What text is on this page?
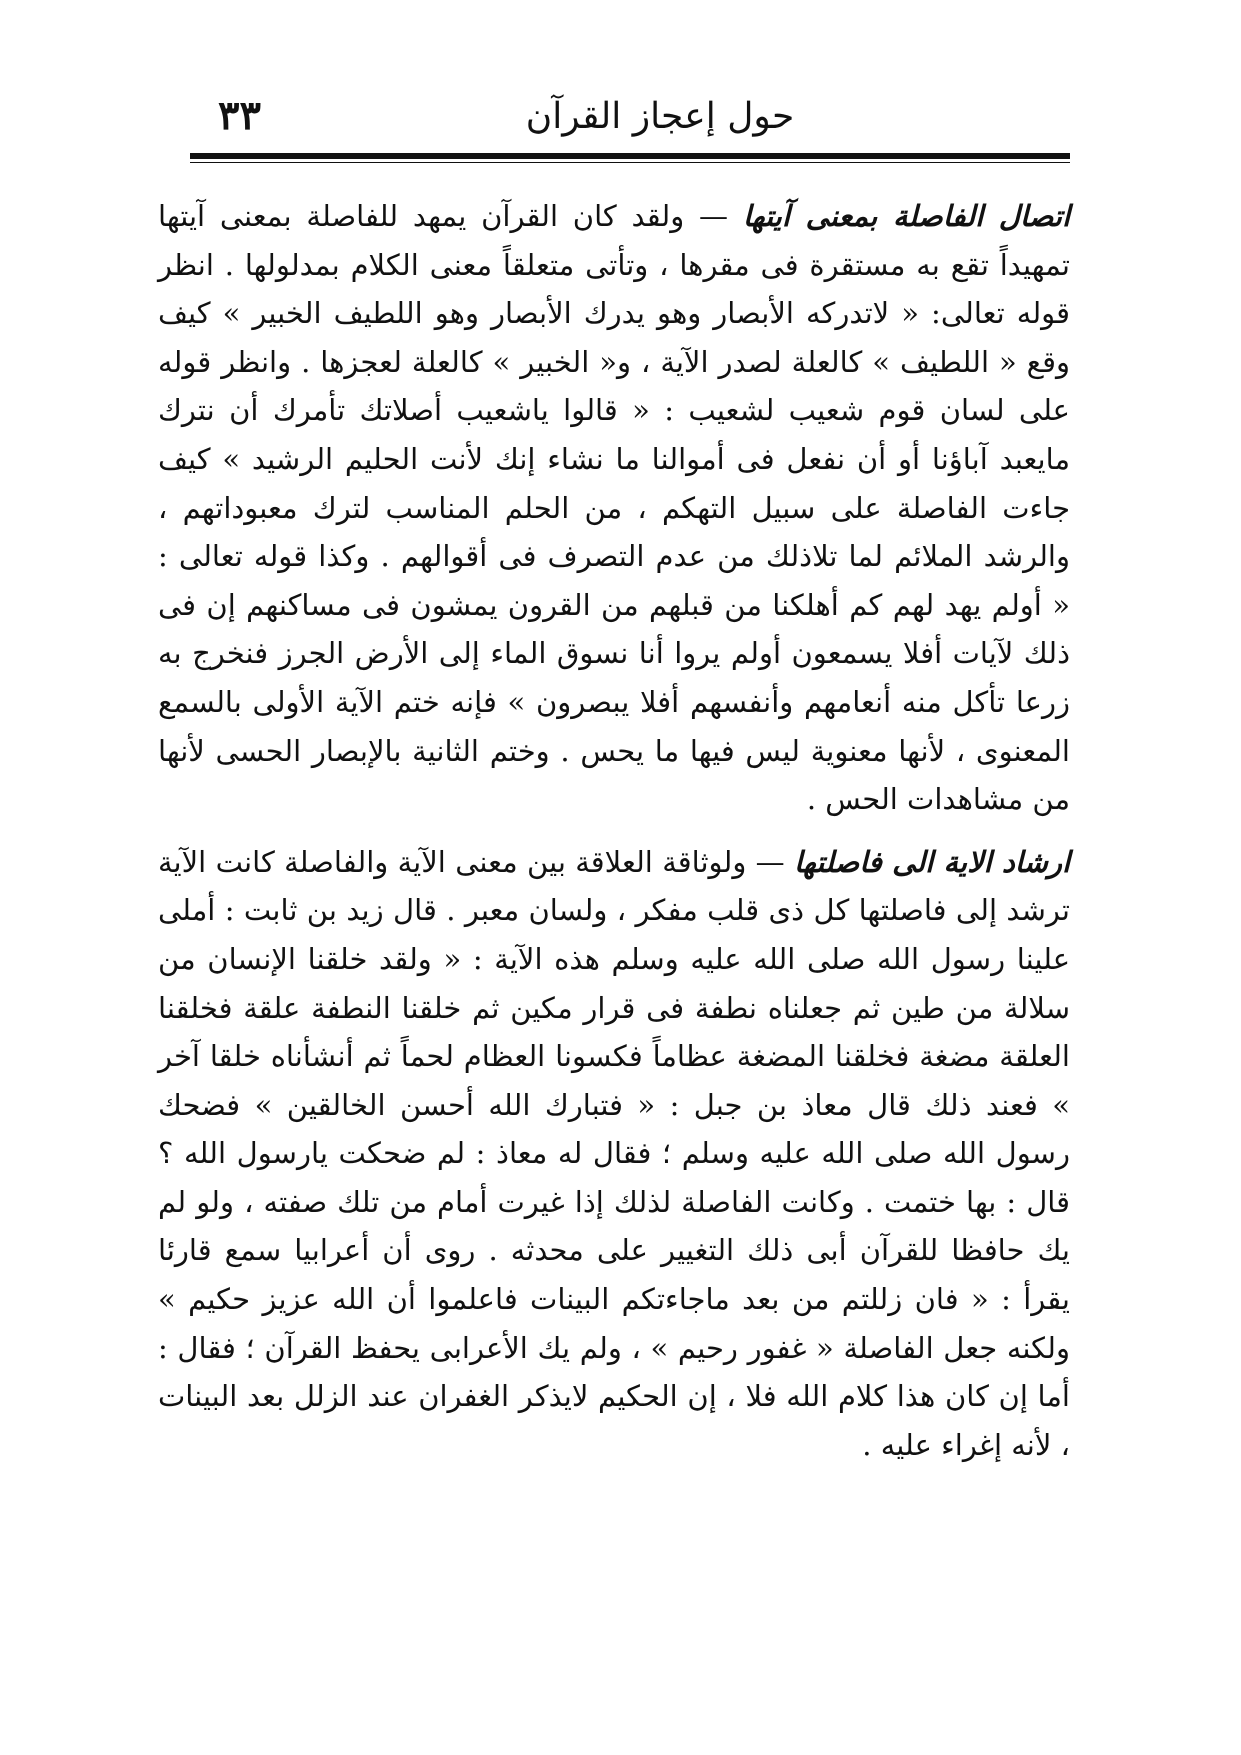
٣٣	حول إعجاز القرآن

اتصال الفاصلة بمعنى آيتها — ولقد كان القرآن يمهد للفاصلة بمعنى آيتها تمهيداً تقع به مستقرة فى مقرها ، وتأتى متعلقاً معنى الكلام بمدلولها . انظر قوله تعالى: « لاتدركه الأبصار وهو يدرك الأبصار وهو اللطيف الخبير » كيف وقع « اللطيف » كالعلة لصدر الآية ، و« الخبير » كالعلة لعجزها . وانظر قوله على لسان قوم شعيب لشعيب : « قالوا ياشعيب أصلاتك تأمرك أن نترك مايعبد آباؤنا أو أن نفعل فى أموالنا ما نشاء إنك لأنت الحليم الرشيد » كيف جاءت الفاصلة على سبيل التهكم ، من الحلم المناسب لترك معبوداتهم ، والرشد الملائم لما تلاذلك من عدم التصرف فى أقوالهم . وكذا قوله تعالى : « أولم يهد لهم كم أهلكنا من قبلهم من القرون يمشون فى مساكنهم إن فى ذلك لآيات أفلا يسمعون أولم يروا أنا نسوق الماء إلى الأرض الجرز فنخرج به زرعا تأكل منه أنعامهم وأنفسهم أفلا يبصرون » فإنه ختم الآية الأولى بالسمع المعنوى ، لأنها معنوية ليس فيها ما يحس . وختم الثانية بالإبصار الحسى لأنها من مشاهدات الحس .

ارشاد الاية الى فاصلتها — ولوثاقة العلاقة بين معنى الآية والفاصلة كانت الآية ترشد إلى فاصلتها كل ذى قلب مفكر ، ولسان معبر . قال زيد بن ثابت : أملى علينا رسول الله صلى الله عليه وسلم هذه الآية : « ولقد خلقنا الإنسان من سلالة من طين ثم جعلناه نطفة فى قرار مكين ثم خلقنا النطفة علقة فخلقنا العلقة مضغة فخلقنا المضغة عظاماً فكسونا العظام لحماً ثم أنشأناه خلقا آخر » فعند ذلك قال معاذ بن جبل : « فتبارك الله أحسن الخالقين » فضحك رسول الله صلى الله عليه وسلم ؛ فقال له معاذ : لم ضحكت يارسول الله ؟ قال : بها ختمت . وكانت الفاصلة لذلك إذا غيرت أمام من تلك صفته ، ولو لم يك حافظا للقرآن أبى ذلك التغيير على محدثه . روى أن أعرابيا سمع قارئا يقرأ : « فان زللتم من بعد ماجاءتكم البينات فاعلموا أن الله عزيز حكيم » ولكنه جعل الفاصلة « غفور رحيم » ، ولم يك الأعرابى يحفظ القرآن ؛ فقال : أما إن كان هذا كلام الله فلا ، إن الحكيم لايذكر الغفران عند الزلل بعد البينات ، لأنه إغراء عليه .
